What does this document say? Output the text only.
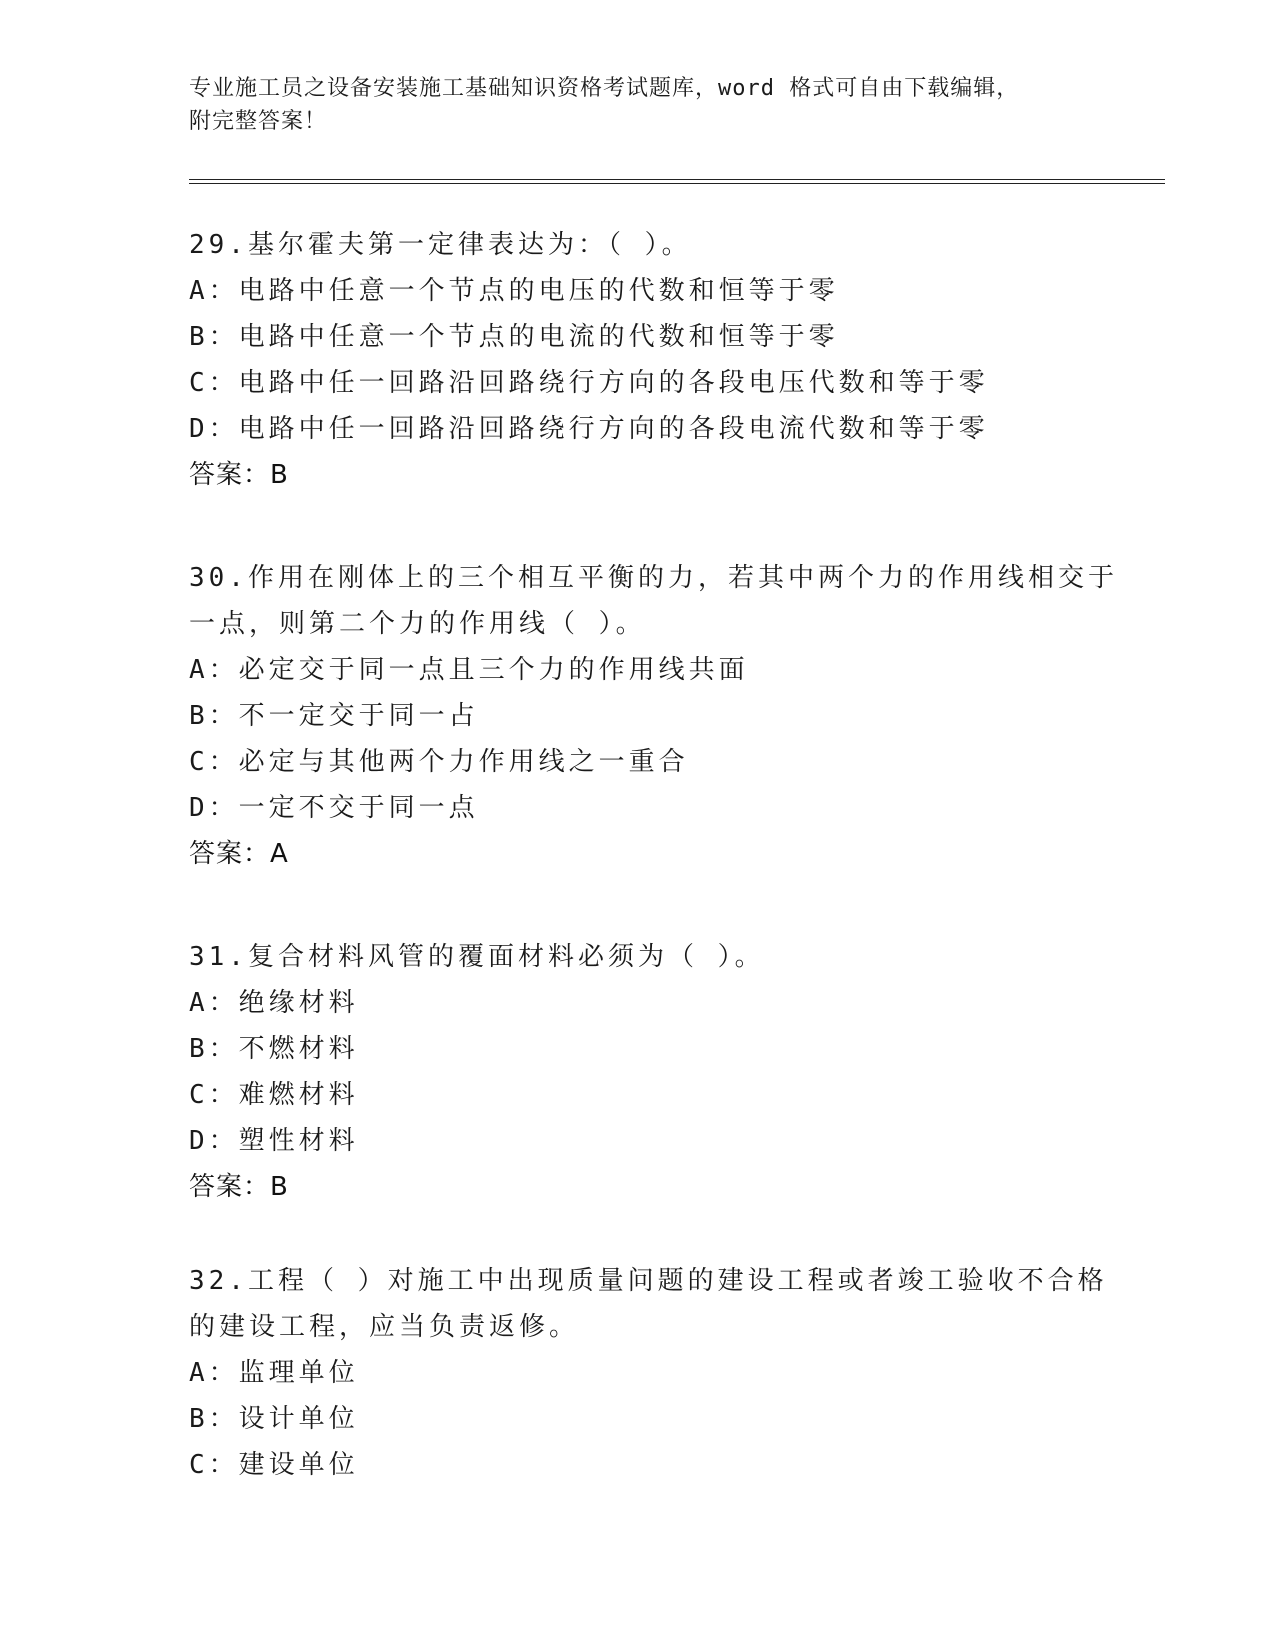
专业施工员之设备安装施工基础知识资格考试题库，word 格式可自由下载编辑，
附完整答案！
29.基尔霍夫第一定律表达为：（ ）。
A：电路中任意一个节点的电压的代数和恒等于零
B：电路中任意一个节点的电流的代数和恒等于零
C：电路中任一回路沿回路绕行方向的各段电压代数和等于零
D：电路中任一回路沿回路绕行方向的各段电流代数和等于零
答案：B
30.作用在刚体上的三个相互平衡的力，若其中两个力的作用线相交于
一点，则第二个力的作用线（ ）。
A：必定交于同一点且三个力的作用线共面
B：不一定交于同一占
C：必定与其他两个力作用线之一重合
D：一定不交于同一点
答案：A
31.复合材料风管的覆面材料必须为（ ）。
A：绝缘材料
B：不燃材料
C：难燃材料
D：塑性材料
答案：B
32.工程（ ）对施工中出现质量问题的建设工程或者竣工验收不合格
的建设工程，应当负责返修。
A：监理单位
B：设计单位
C：建设单位
